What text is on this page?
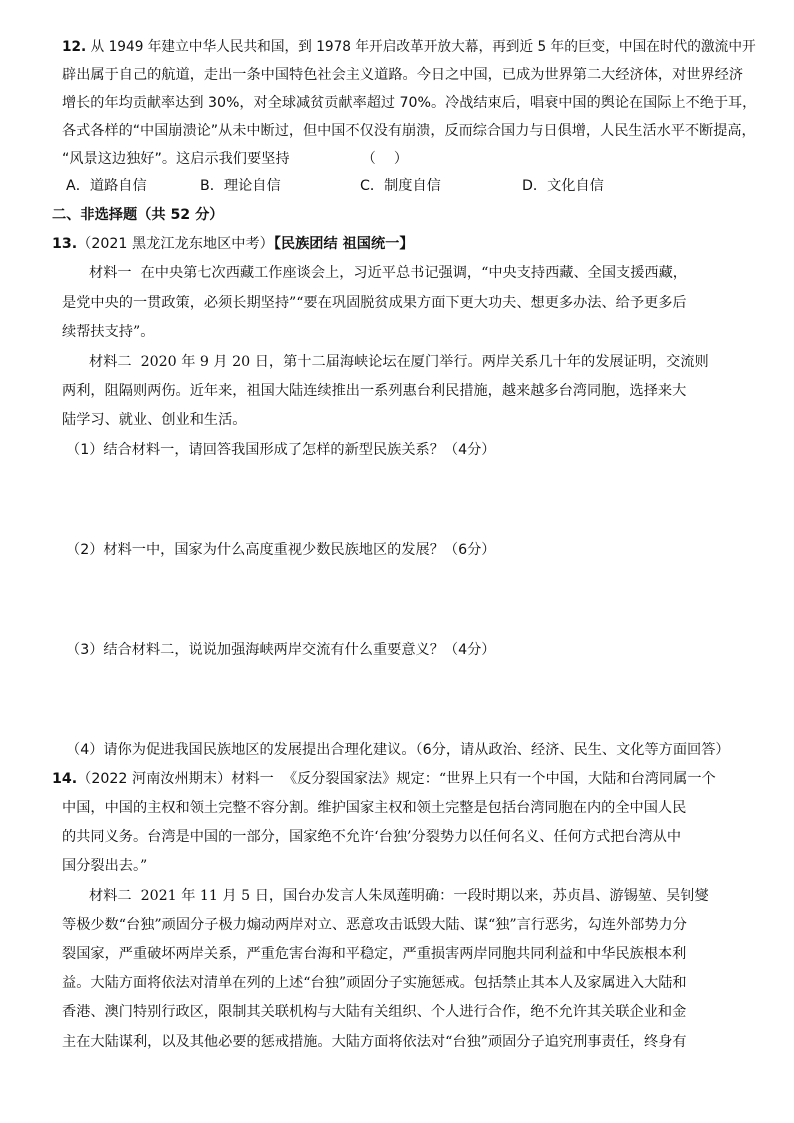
12. 从 1949 年建立中华人民共和国，到 1978 年开启改革开放大幕，再到近 5 年的巨变，中国在时代的激流中开
辟出属于自己的航道，走出一条中国特色社会主义道路。今日之中国，已成为世界第二大经济体，对世界经济
增长的年均贡献率达到 30%，对全球减贫贡献率超过 70%。冷战结束后，唱衰中国的舆论在国际上不绝于耳，
各式各样的“中国崩溃论”从未中断过，但中国不仅没有崩溃，反而综合国力与日俱增，人民生活水平不断提高，
“风景这边独好”。这启示我们要坚持                （    ）
A．道路自信	B．理论自信	C．制度自信	D．文化自信
二、非选择题（共 52 分）
13.（2021 黑龙江龙东地区中考）【民族团结 祖国统一】
材料一  在中央第七次西藏工作座谈会上，习近平总书记强调，“中央支持西藏、全国支援西藏，
是党中央的一贯政策，必须长期坚持”“要在巩固脱贫成果方面下更大功夫、想更多办法、给予更多后
续帮扶支持”。
材料二  2020 年 9 月 20 日，第十二届海峡论坛在厦门举行。两岸关系几十年的发展证明，交流则
两利，阻隔则两伤。近年来，祖国大陆连续推出一系列惠台利民措施，越来越多台湾同胞，选择来大
陆学习、就业、创业和生活。
（1）结合材料一，请回答我国形成了怎样的新型民族关系？（4分）
（2）材料一中，国家为什么高度重视少数民族地区的发展？（6分）
（3）结合材料二，说说加强海峡两岸交流有什么重要意义？（4分）
（4）请你为促进我国民族地区的发展提出合理化建议。（6分，请从政治、经济、民生、文化等方面回答）
14.（2022 河南汝州期末）材料一  《反分裂国家法》规定：“世界上只有一个中国，大陆和台湾同属一个
中国，中国的主权和领土完整不容分割。维护国家主权和领土完整是包括台湾同胞在内的全中国人民
的共同义务。台湾是中国的一部分，国家绝不允许‘台独’分裂势力以任何名义、任何方式把台湾从中
国分裂出去。”
材料二  2021 年 11 月 5 日，国台办发言人朱凤莲明确：一段时期以来，苏贞昌、游锡堃、吴钊燮
等极少数“台独”顽固分子极力煽动两岸对立、恶意攻击诋毁大陆、谋“独”言行恶劣，勾连外部势力分
裂国家，严重破坏两岸关系，严重危害台海和平稳定，严重损害两岸同胞共同利益和中华民族根本利
益。大陆方面将依法对清单在列的上述“台独”顽固分子实施惩戒。包括禁止其本人及家属进入大陆和
香港、澳门特别行政区，限制其关联机构与大陆有关组织、个人进行合作，绝不允许其关联企业和金
主在大陆谋利，以及其他必要的惩戒措施。大陆方面将依法对“台独”顽固分子追究刑事责任，终身有
